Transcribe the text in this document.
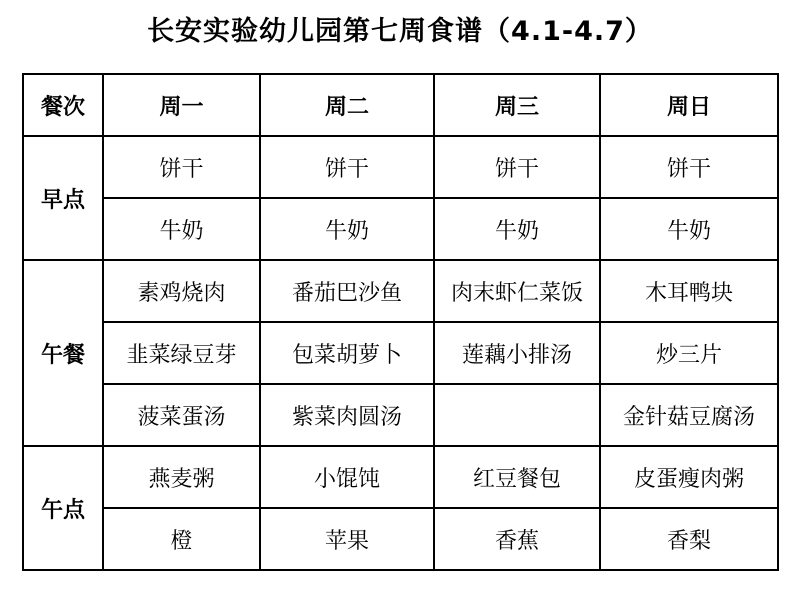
长安实验幼儿园第七周食谱（4.1-4.7）
餐次	周一	周二	周三	周日
早点	饼干	饼干	饼干	饼干
	牛奶	牛奶	牛奶	牛奶
午餐	素鸡烧肉	番茄巴沙鱼	肉末虾仁菜饭	木耳鸭块
	韭菜绿豆芽	包菜胡萝卜	莲藕小排汤	炒三片
	菠菜蛋汤	紫菜肉圆汤		金针菇豆腐汤
午点	燕麦粥	小馄饨	红豆餐包	皮蛋瘦肉粥
	橙	苹果	香蕉	香梨
